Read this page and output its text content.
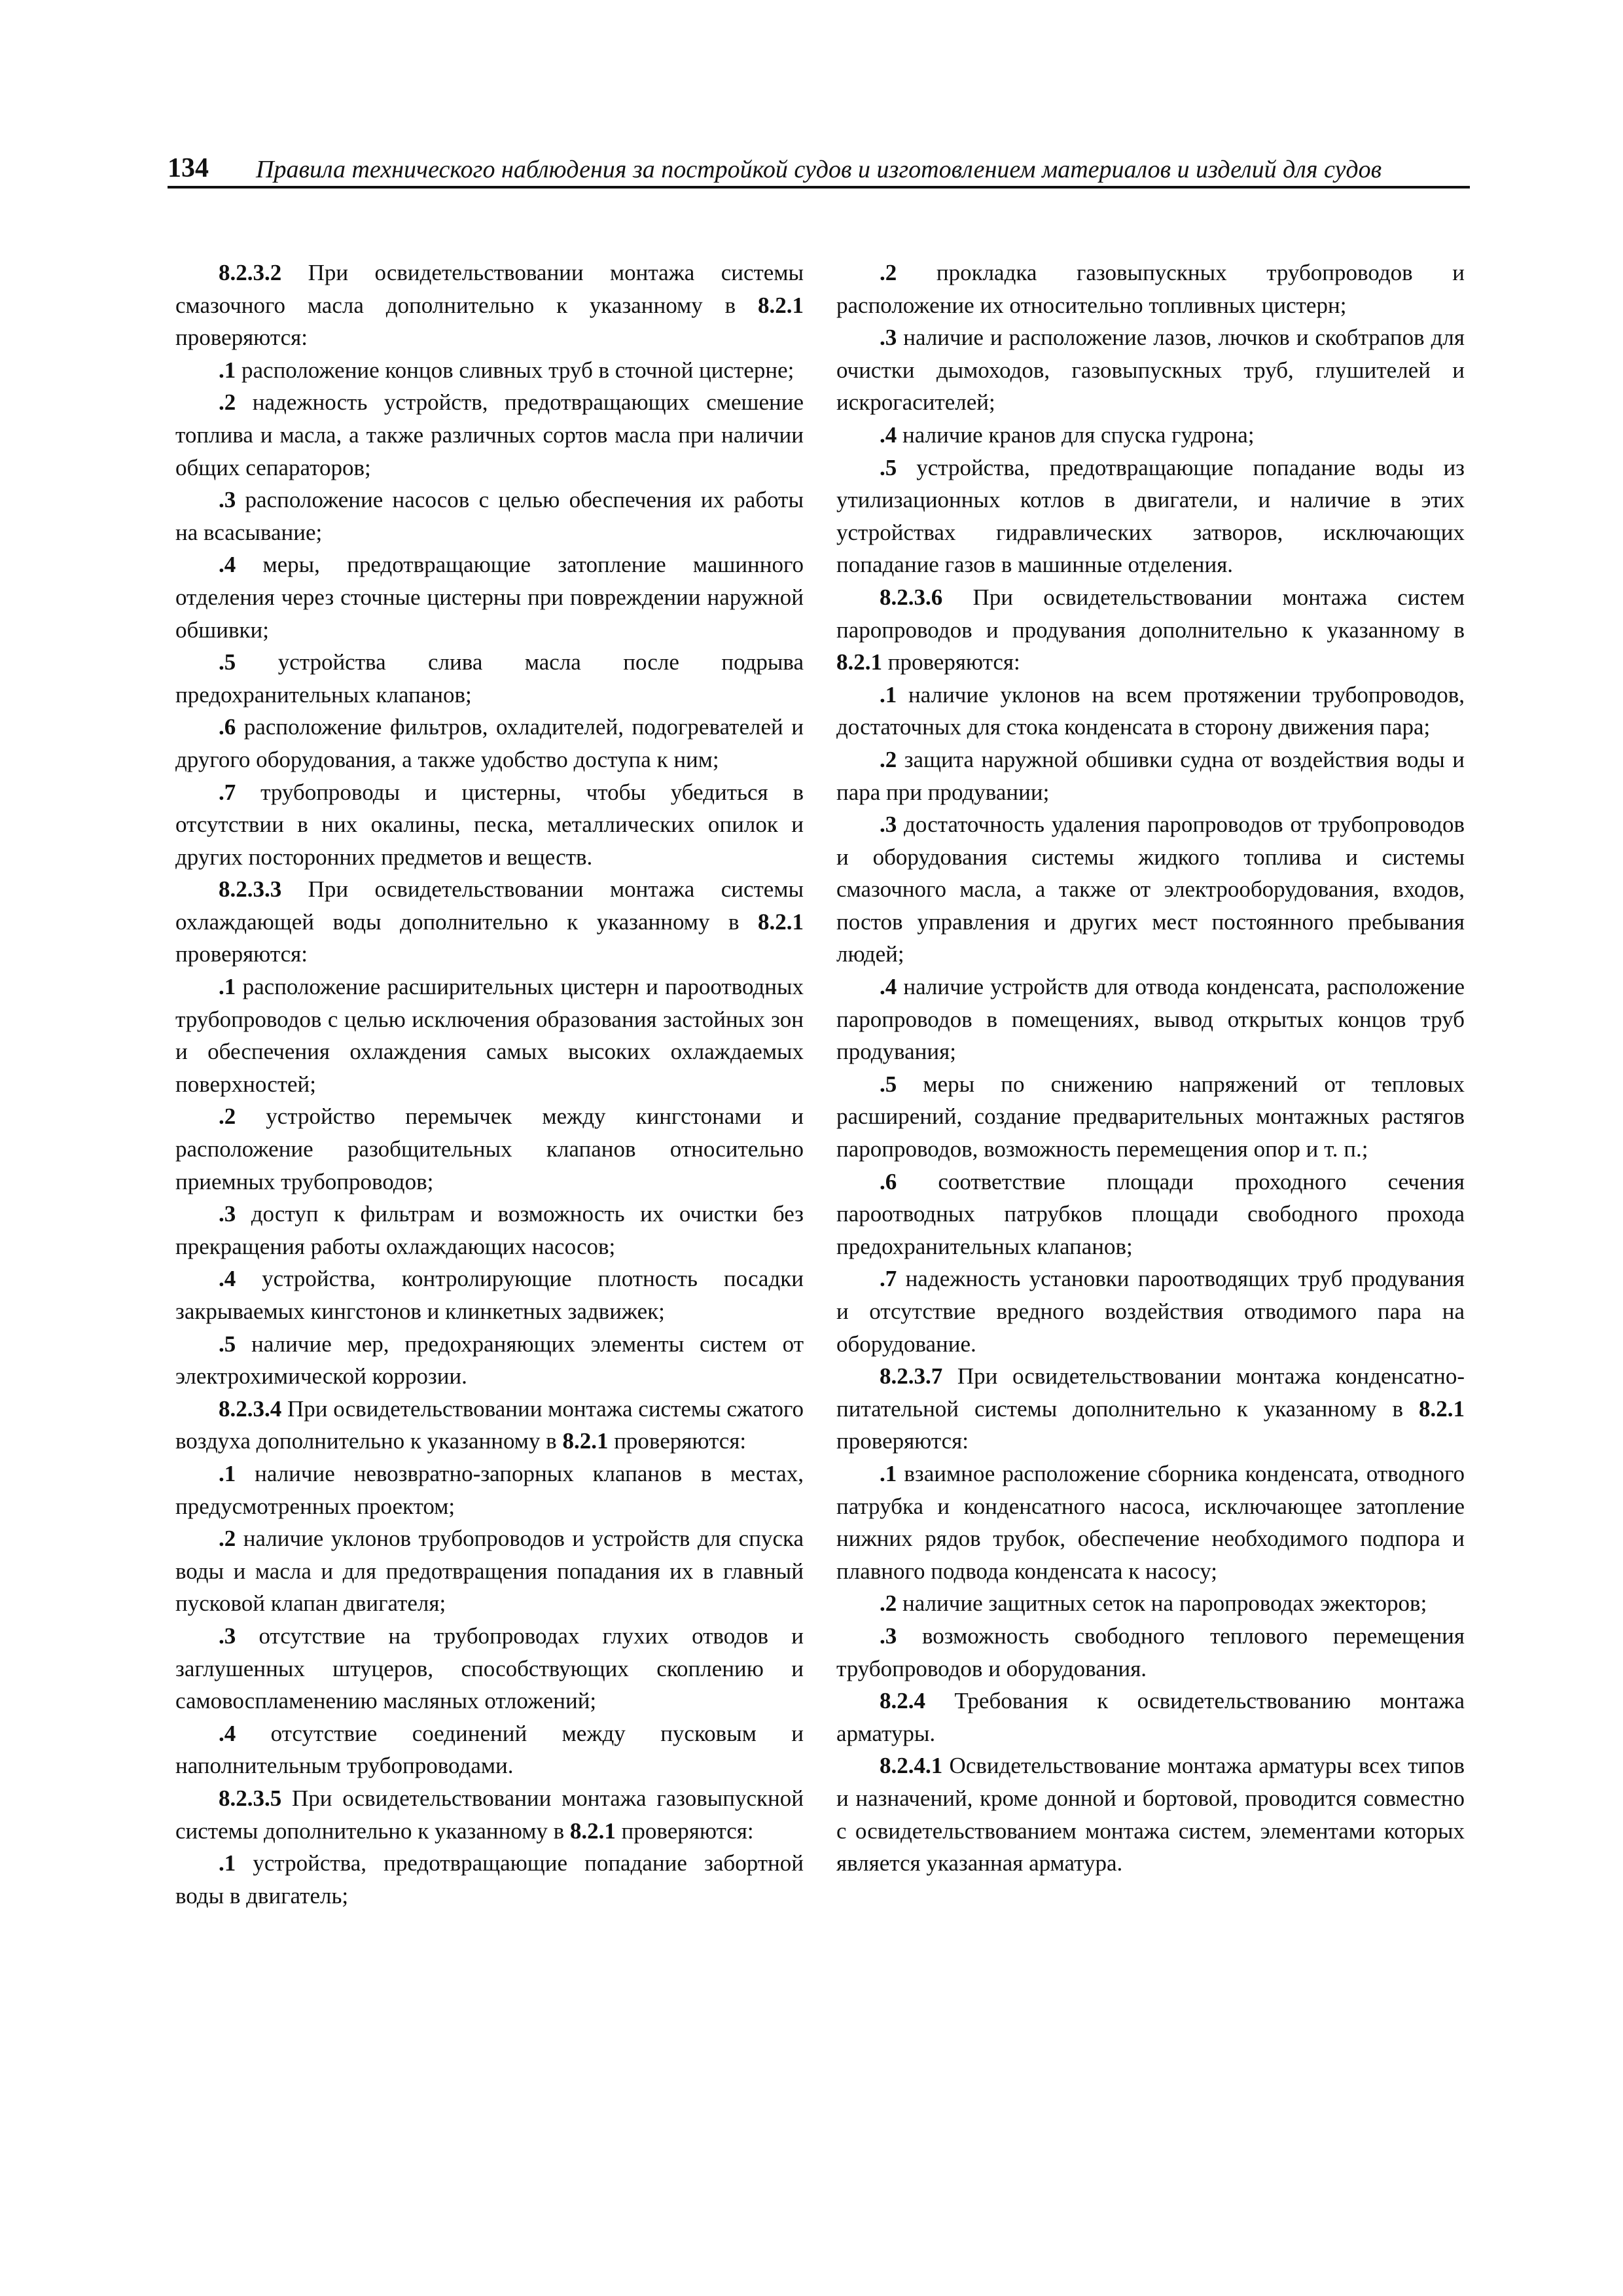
134 Правила технического наблюдения за постройкой судов и изготовлением материалов и изделий для судов

8.2.3.2 При освидетельствовании монтажа системы смазочного масла дополнительно к указанному в 8.2.1 проверяются:

.1 расположение концов сливных труб в сточной цистерне;

.2 надежность устройств, предотвращающих смешение топлива и масла, а также различных сортов масла при наличии общих сепараторов;

.3 расположение насосов с целью обеспечения их работы на всасывание;

.4 меры, предотвращающие затопление машинного отделения через сточные цистерны при повреждении наружной обшивки;

.5 устройства слива масла после подрыва предохранительных клапанов;

.6 расположение фильтров, охладителей, подогревателей и другого оборудования, а также удобство доступа к ним;

.7 трубопроводы и цистерны, чтобы убедиться в отсутствии в них окалины, песка, металлических опилок и других посторонних предметов и веществ.

8.2.3.3 При освидетельствовании монтажа системы охлаждающей воды дополнительно к указанному в 8.2.1 проверяются:

.1 расположение расширительных цистерн и пароотводных трубопроводов с целью исключения образования застойных зон и обеспечения охлаждения самых высоких охлаждаемых поверхностей;

.2 устройство перемычек между кингстонами и расположение разобщительных клапанов относительно приемных трубопроводов;

.3 доступ к фильтрам и возможность их очистки без прекращения работы охлаждающих насосов;

.4 устройства, контролирующие плотность посадки закрываемых кингстонов и клинкетных задвижек;

.5 наличие мер, предохраняющих элементы систем от электрохимической коррозии.

8.2.3.4 При освидетельствовании монтажа системы сжатого воздуха дополнительно к указанному в 8.2.1 проверяются:

.1 наличие невозвратно-запорных клапанов в местах, предусмотренных проектом;

.2 наличие уклонов трубопроводов и устройств для спуска воды и масла и для предотвращения попадания их в главный пусковой клапан двигателя;

.3 отсутствие на трубопроводах глухих отводов и заглушенных штуцеров, способствующих скоплению и самовоспламенению масляных отложений;

.4 отсутствие соединений между пусковым и наполнительным трубопроводами.

8.2.3.5 При освидетельствовании монтажа газовыпускной системы дополнительно к указанному в 8.2.1 проверяются:

.1 устройства, предотвращающие попадание забортной воды в двигатель;

.2 прокладка газовыпускных трубопроводов и расположение их относительно топливных цистерн;

.3 наличие и расположение лазов, лючков и скобтрапов для очистки дымоходов, газовыпускных труб, глушителей и искрогасителей;

.4 наличие кранов для спуска гудрона;

.5 устройства, предотвращающие попадание воды из утилизационных котлов в двигатели, и наличие в этих устройствах гидравлических затворов, исключающих попадание газов в машинные отделения.

8.2.3.6 При освидетельствовании монтажа систем паропроводов и продувания дополнительно к указанному в 8.2.1 проверяются:

.1 наличие уклонов на всем протяжении трубопроводов, достаточных для стока конденсата в сторону движения пара;

.2 защита наружной обшивки судна от воздействия воды и пара при продувании;

.3 достаточность удаления паропроводов от трубопроводов и оборудования системы жидкого топлива и системы смазочного масла, а также от электрооборудования, входов, постов управления и других мест постоянного пребывания людей;

.4 наличие устройств для отвода конденсата, расположение паропроводов в помещениях, вывод открытых концов труб продувания;

.5 меры по снижению напряжений от тепловых расширений, создание предварительных монтажных растягов паропроводов, возможность перемещения опор и т. п.;

.6 соответствие площади проходного сечения пароотводных патрубков площади свободного прохода предохранительных клапанов;

.7 надежность установки пароотводящих труб продувания и отсутствие вредного воздействия отводимого пара на оборудование.

8.2.3.7 При освидетельствовании монтажа конденсатно-питательной системы дополнительно к указанному в 8.2.1 проверяются:

.1 взаимное расположение сборника конденсата, отводного патрубка и конденсатного насоса, исключающее затопление нижних рядов трубок, обеспечение необходимого подпора и плавного подвода конденсата к насосу;

.2 наличие защитных сеток на паропроводах эжекторов;

.3 возможность свободного теплового перемещения трубопроводов и оборудования.

8.2.4 Требования к освидетельствованию монтажа арматуры.

8.2.4.1 Освидетельствование монтажа арматуры всех типов и назначений, кроме донной и бортовой, проводится совместно с освидетельствованием монтажа систем, элементами которых является указанная арматура.
